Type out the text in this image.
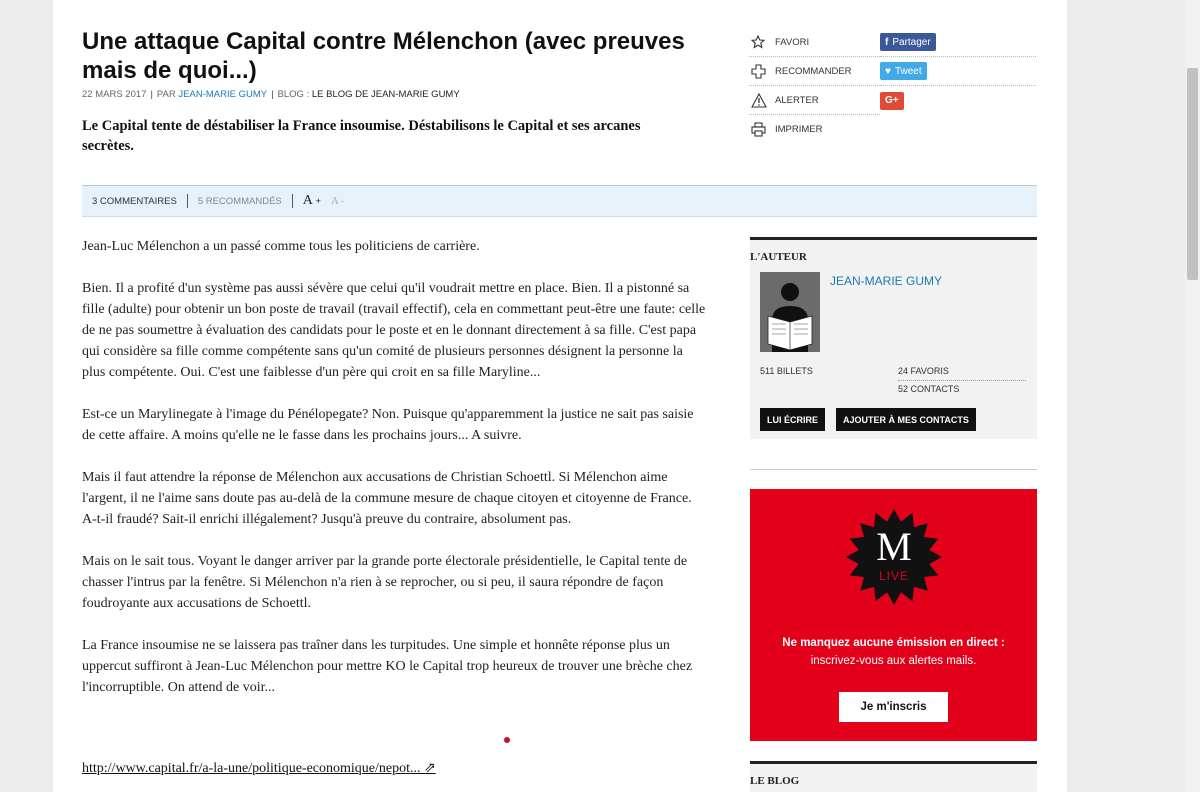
Une attaque Capital contre Mélenchon (avec preuves mais de quoi...)
22 MARS 2017 | PAR JEAN-MARIE GUMY | BLOG : LE BLOG DE JEAN-MARIE GUMY
Le Capital tente de déstabiliser la France insoumise. Déstabilisons le Capital et ses arcanes secrètes.
FAVORI
RECOMMANDER
ALERTER
IMPRIMER
f Partager
♥ Tweet
G+
3 COMMENTAIRES 5 RECOMMANDÉS A + A -

Jean-Luc Mélenchon a un passé comme tous les politiciens de carrière.

Bien. Il a profité d'un système pas aussi sévère que celui qu'il voudrait mettre en place. Bien. Il a pistonné sa fille (adulte) pour obtenir un bon poste de travail (travail effectif), cela en commettant peut-être une faute: celle de ne pas soumettre à évaluation des candidats pour le poste et en le donnant directement à sa fille. C'est papa qui considère sa fille comme compétente sans qu'un comité de plusieurs personnes désignent la personne la plus compétente. Oui. C'est une faiblesse d'un père qui croit en sa fille Maryline...

Est-ce un Marylinegate à l'image du Pénélopegate? Non. Puisque qu'apparemment la justice ne sait pas saisie de cette affaire. A moins qu'elle ne le fasse dans les prochains jours... A suivre.

Mais il faut attendre la réponse de Mélenchon aux accusations de Christian Schoettl. Si Mélenchon aime l'argent, il ne l'aime sans doute pas au-delà de la commune mesure de chaque citoyen et citoyenne de France. A-t-il fraudé? Sait-il enrichi illégalement? Jusqu'à preuve du contraire, absolument pas.

Mais on le sait tous. Voyant le danger arriver par la grande porte électorale présidentielle, le Capital tente de chasser l'intrus par la fenêtre. Si Mélenchon n'a rien à se reprocher, ou si peu, il saura répondre de façon foudroyante aux accusations de Schoettl.

La France insoumise ne se laissera pas traîner dans les turpitudes. Une simple et honnête réponse plus un uppercut suffiront à Jean-Luc Mélenchon pour mettre KO le Capital trop heureux de trouver une brèche chez l'incorruptible. On attend de voir...

http://www.capital.fr/a-la-une/politique-economique/nepot... ⇗
L'AUTEUR
JEAN-MARIE GUMY
511 BILLETS	24 FAVORIS
52 CONTACTS
LUI ÉCRIRE	AJOUTER À MES CONTACTS
M
LIVE
Ne manquez aucune émission en direct :
inscrivez-vous aux alertes mails.
Je m'inscris
LE BLOG
